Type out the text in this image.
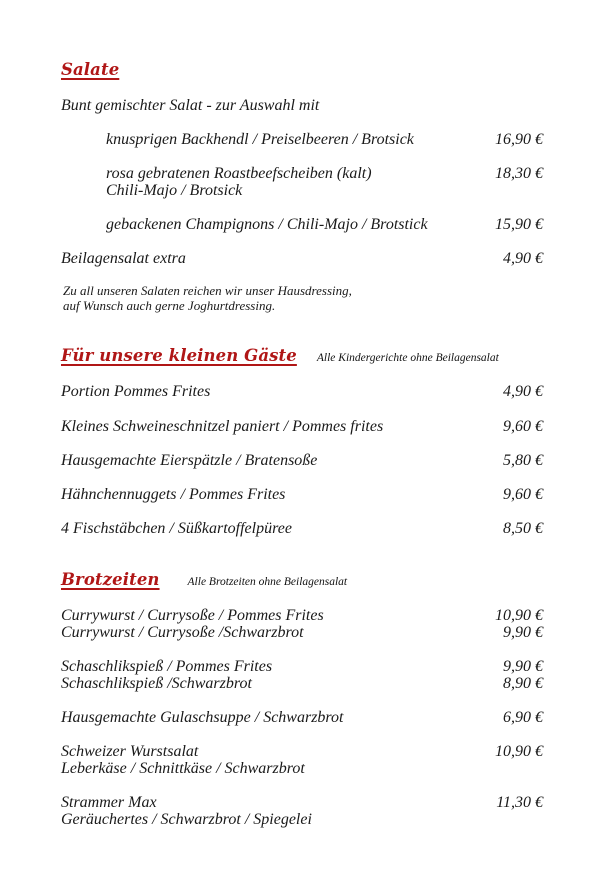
Salate
Bunt gemischter Salat - zur Auswahl mit
knusprigen Backhendl / Preiselbeeren / Brotsick	16,90 €
rosa gebratenen Roastbeefscheiben (kalt)
Chili-Majo / Brotsick
18,30 €
gebackenen Champignons / Chili-Majo / Brotstick	15,90 €
Beilagensalat extra	4,90 €
Zu all unseren Salaten reichen wir unser Hausdressing,
auf Wunsch auch gerne Joghurtdressing.
Für unsere kleinen Gäste Alle Kindergerichte ohne Beilagensalat
Portion Pommes Frites	4,90 €
Kleines Schweineschnitzel paniert / Pommes frites	9,60 €
Hausgemachte Eierspätzle / Bratensoße	5,80 €
Hähnchennuggets / Pommes Frites	9,60 €
4 Fischstäbchen / Süßkartoffelpüree	8,50 €
Brotzeiten Alle Brotzeiten ohne Beilagensalat
Currywurst / Currysoße / Pommes Frites	10,90 €
Currywurst / Currysoße /Schwarzbrot	9,90 €
Schaschlikspieß / Pommes Frites	9,90 €
Schaschlikspieß /Schwarzbrot	8,90 €
Hausgemachte Gulaschsuppe / Schwarzbrot	6,90 €
Schweizer Wurstsalat	10,90 €
Leberkäse / Schnittkäse / Schwarzbrot
Strammer Max	11,30 €
Geräuchertes / Schwarzbrot / Spiegelei
